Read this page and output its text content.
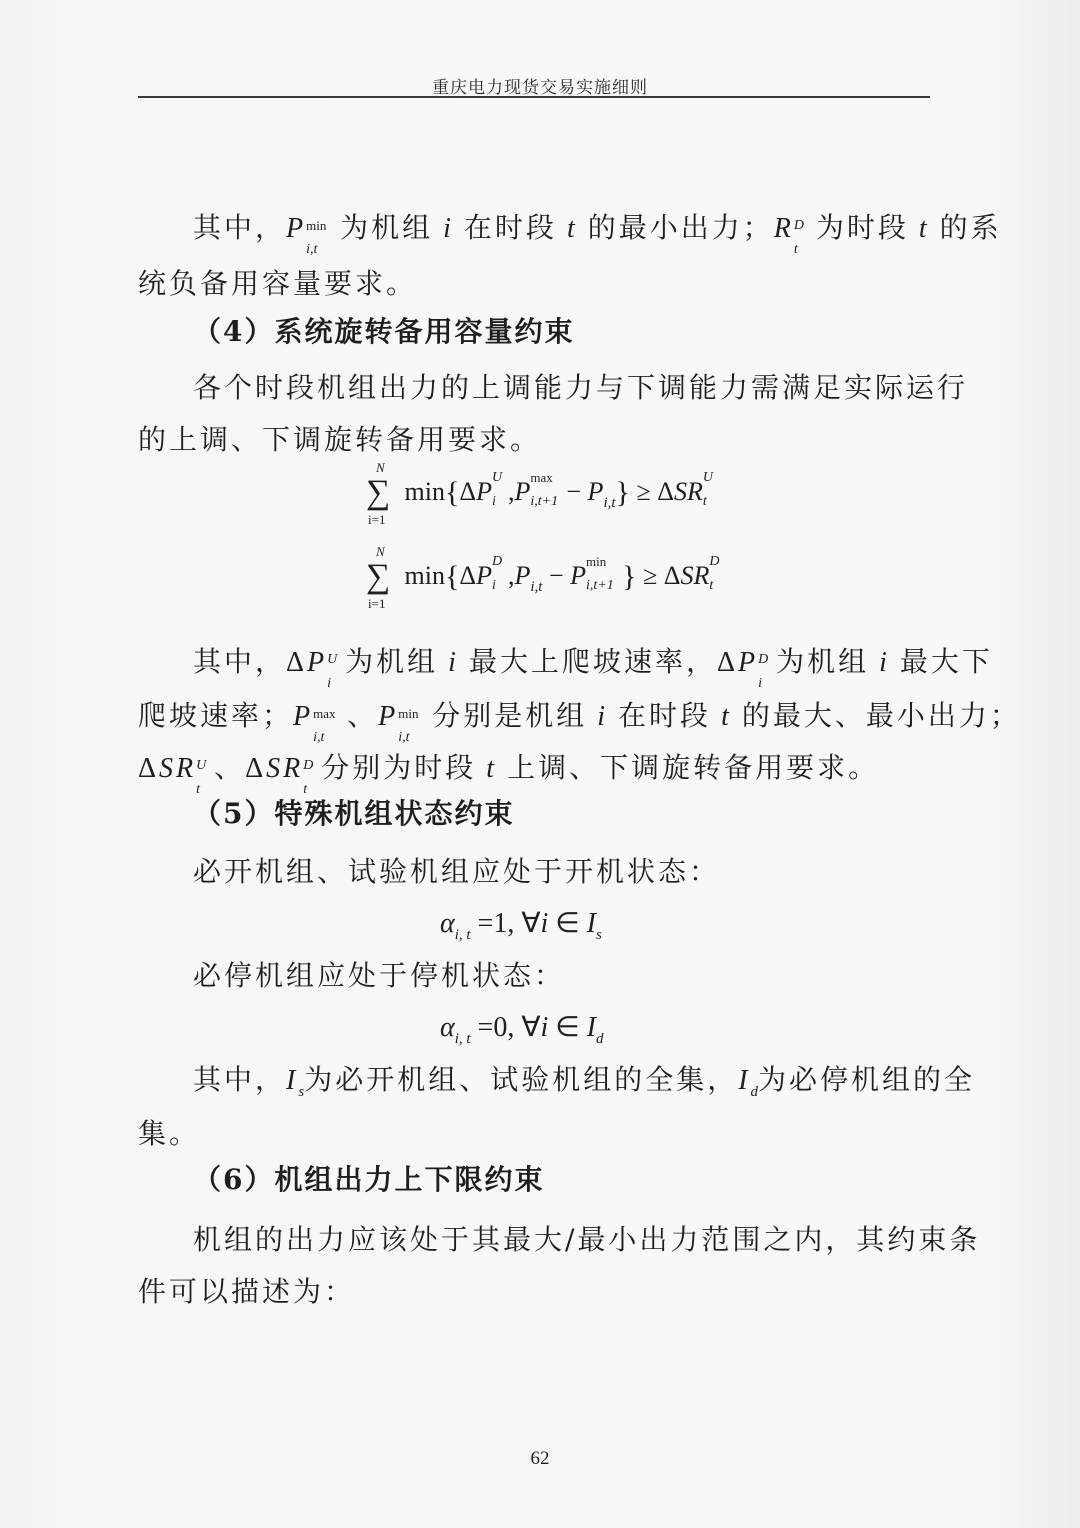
重庆电力现货交易实施细则
其中，P min
i,t
为机组 i 在时段 t 的最小出力；R D
t
为时段 t 的系
统负备用容量要求。
（4）系统旋转备用容量约束
各个时段机组出力的上调能力与下调能力需满足实际运行
的上调、下调旋转备用要求。
∑
N
i=1
min{ΔP U
i ,P max
$i,t+1 - P_{i,t}\} \ge \Delta SR$ U
t
∑
N
i=1
min{ΔP D
i $,P_{i,t} - P$ min
i,t+1 } ≥ ΔSR D
t
其中，ΔP U
i
为机组 i 最大上爬坡速率，ΔP D
i
为机组 i 最大下
爬坡速率；P max
i,t
、P min
i,t
分别是机组 i 在时段 t 的最大、最小出力；
ΔSR U
t
、ΔSR D
t
分别为时段 t 上调、下调旋转备用要求。
（5）特殊机组状态约束
必开机组、试验机组应处于开机状态：
$\alpha_{i, t} =1$, ∀i ∈ $I_s$
必停机组应处于停机状态：
$\alpha_{i, t} =0$, ∀i ∈ $I_d$
其中，$I_s$为必开机组、试验机组的全集，$I_d$为必停机组的全
集。
（6）机组出力上下限约束
机组的出力应该处于其最大/最小出力范围之内，其约束条
件可以描述为：
62
